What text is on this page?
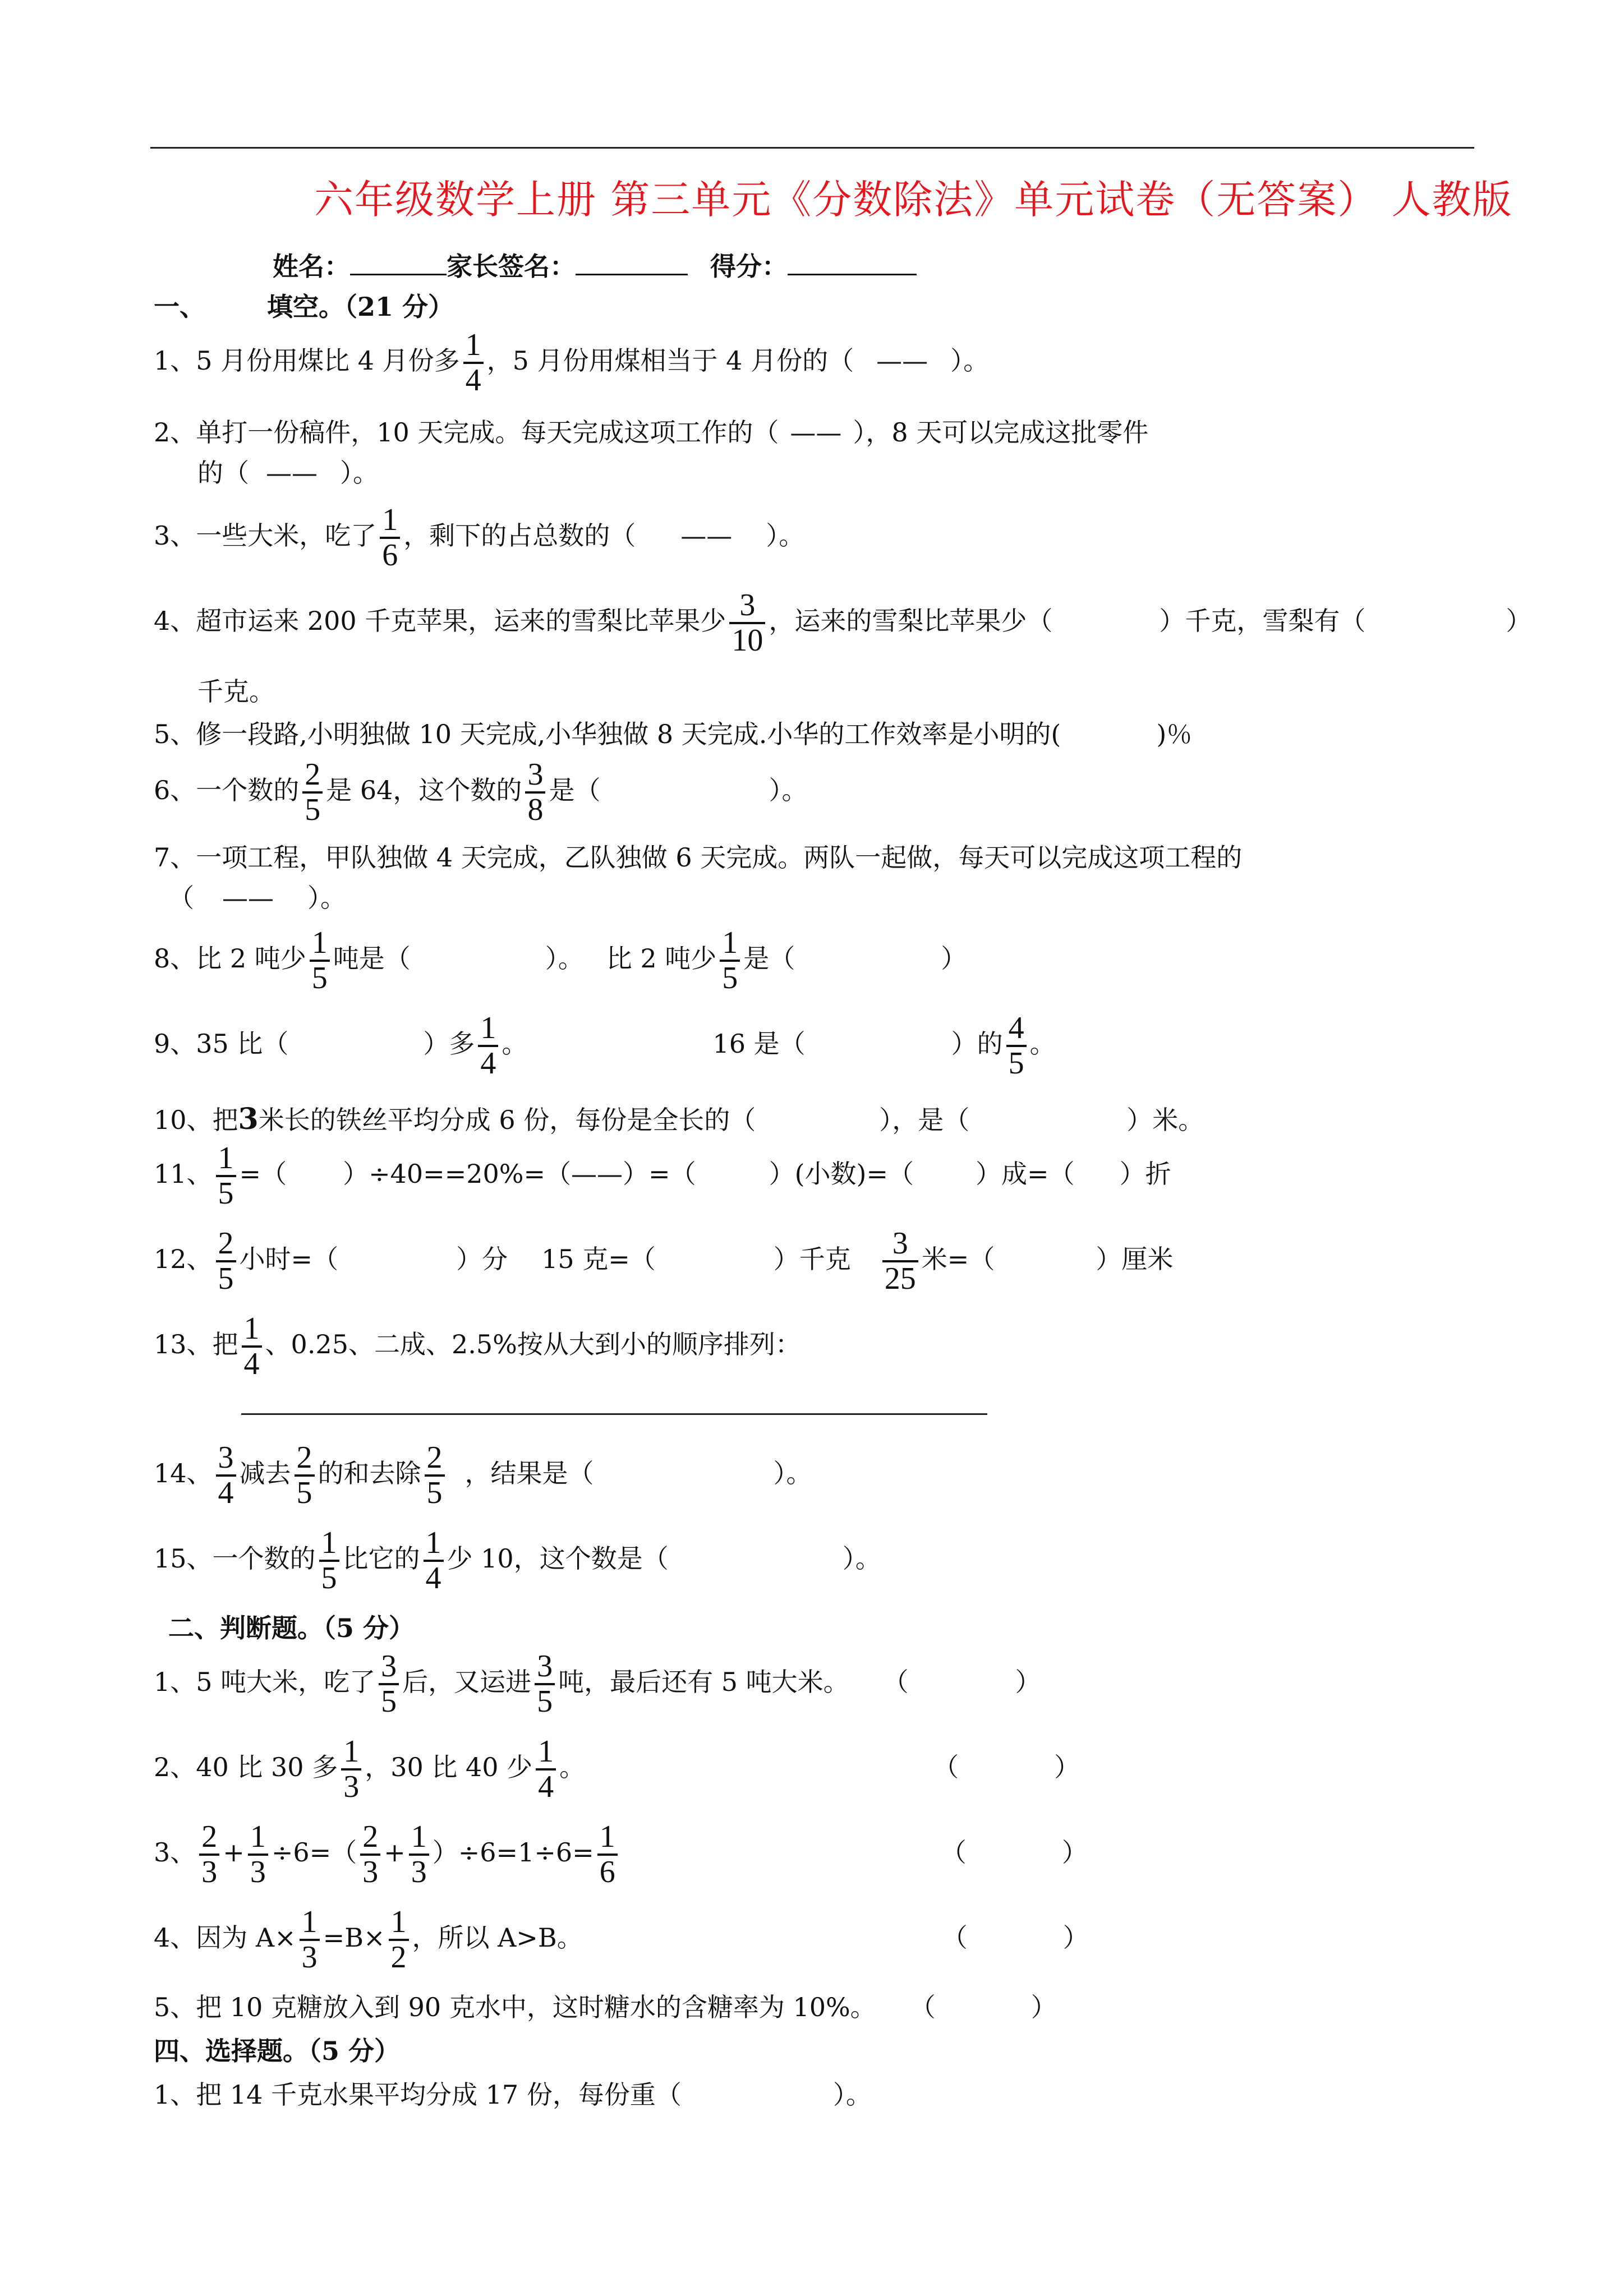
六年级数学上册 第三单元《分数除法》单元试卷（无答案） 人教版
姓名：	家长签名：	得分：
一、 填空。（21 分）
1、5 月份用煤比 4 月份多 $\frac{1}{4}$ ，5 月份用煤相当于 4 月份的（ —— ）。
2、单打一份稿件，10 天完成。每天完成这项工作的（ —— ），8 天可以完成这批零件
的（ —— ）。
3、一些大米，吃了 $\frac{1}{6}$ ，剩下的占总数的（ —— ）。
4、超市运来 200 千克苹果，运来的雪梨比苹果少 $\frac{3}{10}$ ，运来的雪梨比苹果少（	）千克，雪梨有（	）
千克。
5、修一段路,小明独做 10 天完成,小华独做 8 天完成.小华的工作效率是小明的(	)％
6、一个数的 $\frac{2}{5}$ 是 64，这个数的 $\frac{3}{8}$ 是（	）。
7、一项工程，甲队独做 4 天完成，乙队独做 6 天完成。两队一起做，每天可以完成这项工程的
（ —— ）。
8、比 2 吨少 $\frac{1}{5}$ 吨是（	）。 比 2 吨少 $\frac{1}{5}$ 是（	）
9、35 比（	）多 $\frac{1}{4}$ 。	16 是（	）的 $\frac{4}{5}$ 。
10、把3米长的铁丝平均分成 6 份，每份是全长的（	），是（	）米。
11、 $\frac{1}{5}$ =（ ）÷40==20%=（——）=（	）(小数)=（ ）成=（ ）折
12、 $\frac{2}{5}$ 小时=（	）分 15 克=（	）千克 $\frac{3}{25}$ 米=（	）厘米
13、把 $\frac{1}{4}$ 、0.25、二成、2.5%按从大到小的顺序排列：
14、 $\frac{3}{4}$ 减去 $\frac{2}{5}$ 的和去除 $\frac{2}{5}$ ，结果是（	）。
15、一个数的 $\frac{1}{5}$ 比它的 $\frac{1}{4}$ 少 10，这个数是（	）。
二、判断题。（5 分）
1、5 吨大米，吃了 $\frac{3}{5}$ 后，又运进 $\frac{3}{5}$ 吨，最后还有 5 吨大米。 （	）
2、40 比 30 多 $\frac{1}{3}$ ，30 比 40 少 $\frac{1}{4}$ 。	（	）
3、 $\frac{2}{3} + \frac{1}{3} \div 6=( \frac{2}{3} + \frac{1}{3} )\div 6=1\div 6= \frac{1}{6}$	（	）
4、因为 $A\times \frac{1}{3} =B\times \frac{1}{2}$ ，所以 A>B。	（	）
5、把 10 克糖放入到 90 克水中，这时糖水的含糖率为 10%。 （	）
四、选择题。（5 分）
1、把 14 千克水果平均分成 17 份，每份重（	）。
